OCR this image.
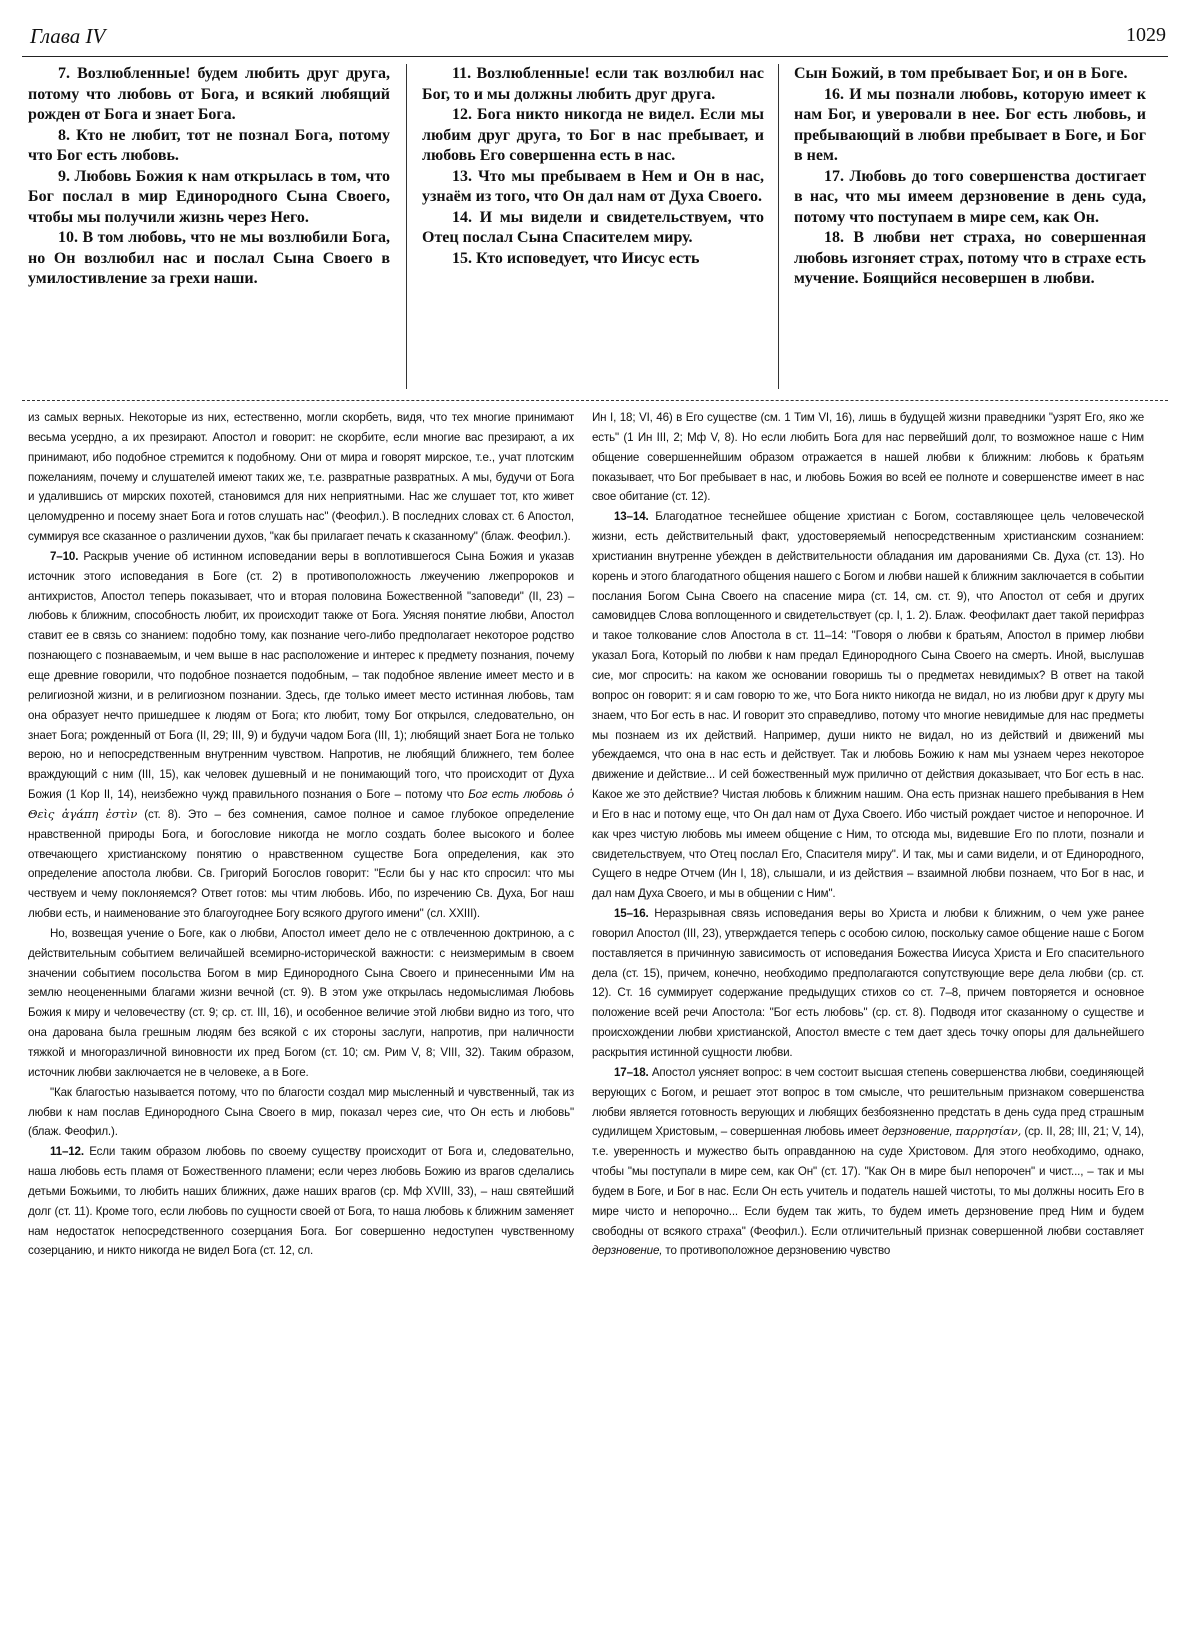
Глава IV	1029

7. Возлюбленные! будем любить друг друга, потому что любовь от Бога, и всякий любящий рожден от Бога и знает Бога.

8. Кто не любит, тот не познал Бога, потому что Бог есть любовь.

9. Любовь Божия к нам открылась в том, что Бог послал в мир Единородного Сына Своего, чтобы мы получили жизнь через Него.

10. В том любовь, что не мы возлюбили Бога, но Он возлюбил нас и послал Сына Своего в умилостивление за грехи наши.

11. Возлюбленные! если так возлюбил нас Бог, то и мы должны любить друг друга.

12. Бога никто никогда не видел. Если мы любим друг друга, то Бог в нас пребывает, и любовь Его совершенна есть в нас.

13. Что мы пребываем в Нем и Он в нас, узнаём из того, что Он дал нам от Духа Своего.

14. И мы видели и свидетельствуем, что Отец послал Сына Спасителем миру.

15. Кто исповедует, что Иисус есть

Сын Божий, в том пребывает Бог, и он в Боге.

16. И мы познали любовь, которую имеет к нам Бог, и уверовали в нее. Бог есть любовь, и пребывающий в любви пребывает в Боге, и Бог в нем.

17. Любовь до того совершенства достигает в нас, что мы имеем дерзновение в день суда, потому что поступаем в мире сем, как Он.

18. В любви нет страха, но совершенная любовь изгоняет страх, потому что в страхе есть мучение. Боящийся несовершен в любви.

из самых верных. Некоторые из них, естественно, могли скорбеть, видя, что тех многие принимают весьма усердно, а их презирают. Апостол и говорит: не скорбите, если многие вас презирают, а их принимают, ибо подобное стремится к подобному. Они от мира и говорят мирское, т.е., учат плотским пожеланиям, почему и слушателей имеют таких же, т.е. развратные развратных. А мы, будучи от Бога и удалившись от мирских похотей, становимся для них неприятными. Нас же слушает тот, кто живет целомудренно и посему знает Бога и готов слушать нас" (Феофил.). В последних словах ст. 6 Апостол, суммируя все сказанное о различении духов, "как бы прилагает печать к сказанному" (блаж. Феофил.).

7–10. Раскрыв учение об истинном исповедании веры в воплотившегося Сына Божия и указав источник этого исповедания в Боге (ст. 2) в противоположность лжеучению лжепророков и антихристов, Апостол теперь показывает, что и вторая половина Божественной "заповеди" (II, 23) – любовь к ближним, способность любит, их происходит также от Бога. Уясняя понятие любви, Апостол ставит ее в связь со знанием: подобно тому, как познание чего-либо предполагает некоторое родство познающего с познаваемым, и чем выше в нас расположение и интерес к предмету познания, почему еще древние говорили, что подобное познается подобным, – так подобное явление имеет место и в религиозной жизни, и в религиозном познании. Здесь, где только имеет место истинная любовь, там она образует нечто пришедшее к людям от Бога; кто любит, тому Бог открылся, следовательно, он знает Бога; рожденный от Бога (II, 29; III, 9) и будучи чадом Бога (III, 1); любящий знает Бога не только верою, но и непосредственным внутренним чувством. Напротив, не любящий ближнего, тем более враждующий с ним (III, 15), как человек душевный и не понимающий того, что происходит от Духа Божия (1 Кор II, 14), неизбежно чужд правильного познания о Боге – потому что Бог есть любовь ὁ Θεὶς ἀγάπη ἐστὶν (ст. 8). Это – без сомнения, самое полное и самое глубокое определение нравственной природы Бога, и богословие никогда не могло создать более высокого и более отвечающего христианскому понятию о нравственном существе Бога определения, как это определение апостола любви. Св. Григорий Богослов говорит: "Если бы у нас кто спросил: что мы чествуем и чему поклоняемся? Ответ готов: мы чтим любовь. Ибо, по изречению Св. Духа, Бог наш любви есть, и наименование это благоугоднее Богу всякого другого имени" (сл. XXIII).

Но, возвещая учение о Боге, как о любви, Апостол имеет дело не с отвлеченною доктриною, а с действительным событием величайшей всемирно-исторической важности: с неизмеримым в своем значении событием посольства Богом в мир Единородного Сына Своего и принесенными Им на землю неоцененными благами жизни вечной (ст. 9). В этом уже открылась недомыслимая Любовь Божия к миру и человечеству (ст. 9; ср. ст. III, 16), и особенное величие этой любви видно из того, что она дарована была грешным людям без всякой с их стороны заслуги, напротив, при наличности тяжкой и многоразличной виновности их пред Богом (ст. 10; см. Рим V, 8; VIII, 32). Таким образом, источник любви заключается не в человеке, а в Боге.

"Как благостью называется потому, что по благости создал мир мысленный и чувственный, так из любви к нам послав Единородного Сына Своего в мир, показал через сие, что Он есть и любовь" (блаж. Феофил.).

11–12. Если таким образом любовь по своему существу происходит от Бога и, следовательно, наша любовь есть пламя от Божественного пламени; если через любовь Божию из врагов сделались детьми Божьими, то любить наших ближних, даже наших врагов (ср. Мф XVIII, 33), – наш святейший долг (ст. 11). Кроме того, если любовь по сущности своей от Бога, то наша любовь к ближним заменяет нам недостаток непосредственного созерцания Бога. Бог совершенно недоступен чувственному созерцанию, и никто никогда не видел Бога (ст. 12, сл.

Ин I, 18; VI, 46) в Его существе (см. 1 Тим VI, 16), лишь в будущей жизни праведники "узрят Его, яко же есть" (1 Ин III, 2; Мф V, 8). Но если любить Бога для нас первейший долг, то возможное наше с Ним общение совершеннейшим образом отражается в нашей любви к ближним: любовь к братьям показывает, что Бог пребывает в нас, и любовь Божия во всей ее полноте и совершенстве имеет в нас свое обитание (ст. 12).

13–14. Благодатное теснейшее общение христиан с Богом, составляющее цель человеческой жизни, есть действительный факт, удостоверяемый непосредственным христианским сознанием: христианин внутренне убежден в действительности обладания им дарованиями Св. Духа (ст. 13). Но корень и этого благодатного общения нашего с Богом и любви нашей к ближним заключается в событии послания Богом Сына Своего на спасение мира (ст. 14, см. ст. 9), что Апостол от себя и других самовидцев Слова воплощенного и свидетельствует (ср. I, 1. 2). Блаж. Феофилакт дает такой перифраз и такое толкование слов Апостола в ст. 11–14: "Говоря о любви к братьям, Апостол в пример любви указал Бога, Который по любви к нам предал Единородного Сына Своего на смерть. Иной, выслушав сие, мог спросить: на каком же основании говоришь ты о предметах невидимых? В ответ на такой вопрос он говорит: я и сам говорю то же, что Бога никто никогда не видал, но из любви друг к другу мы знаем, что Бог есть в нас. И говорит это справедливо, потому что многие невидимые для нас предметы мы познаем из их действий. Например, души никто не видал, но из действий и движений мы убеждаемся, что она в нас есть и действует. Так и любовь Божию к нам мы узнаем через некоторое движение и действие... И сей божественный муж прилично от действия доказывает, что Бог есть в нас. Какое же это действие? Чистая любовь к ближним нашим. Она есть признак нашего пребывания в Нем и Его в нас и потому еще, что Он дал нам от Духа Своего. Ибо чистый рождает чистое и непорочное. И как чрез чистую любовь мы имеем общение с Ним, то отсюда мы, видевшие Его по плоти, познали и свидетельствуем, что Отец послал Его, Спасителя миру". И так, мы и сами видели, и от Единородного, Сущего в недре Отчем (Ин I, 18), слышали, и из действия – взаимной любви познаем, что Бог в нас, и дал нам Духа Своего, и мы в общении с Ним".

15–16. Неразрывная связь исповедания веры во Христа и любви к ближним, о чем уже ранее говорил Апостол (III, 23), утверждается теперь с особою силою, поскольку самое общение наше с Богом поставляется в причинную зависимость от исповедания Божества Иисуса Христа и Его спасительного дела (ст. 15), причем, конечно, необходимо предполагаются сопутствующие вере дела любви (ср. ст. 12). Ст. 16 суммирует содержание предыдущих стихов со ст. 7–8, причем повторяется и основное положение всей речи Апостола: "Бог есть любовь" (ср. ст. 8). Подводя итог сказанному о существе и происхождении любви христианской, Апостол вместе с тем дает здесь точку опоры для дальнейшего раскрытия истинной сущности любви.

17–18. Апостол уясняет вопрос: в чем состоит высшая степень совершенства любви, соединяющей верующих с Богом, и решает этот вопрос в том смысле, что решительным признаком совершенства любви является готовность верующих и любящих безбоязненно предстать в день суда пред страшным судилищем Христовым, – совершенная любовь имеет дерзновение, παρρησίαν, (ср. II, 28; III, 21; V, 14), т.е. уверенность и мужество быть оправданною на суде Христовом. Для этого необходимо, однако, чтобы "мы поступали в мире сем, как Он" (ст. 17). "Как Он в мире был непорочен" и чист..., – так и мы будем в Боге, и Бог в нас. Если Он есть учитель и податель нашей чистоты, то мы должны носить Его в мире чисто и непорочно... Если будем так жить, то будем иметь дерзновение пред Ним и будем свободны от всякого страха" (Феофил.). Если отличительный признак совершенной любви составляет дерзновение, то противоположное дерзновению чувство
